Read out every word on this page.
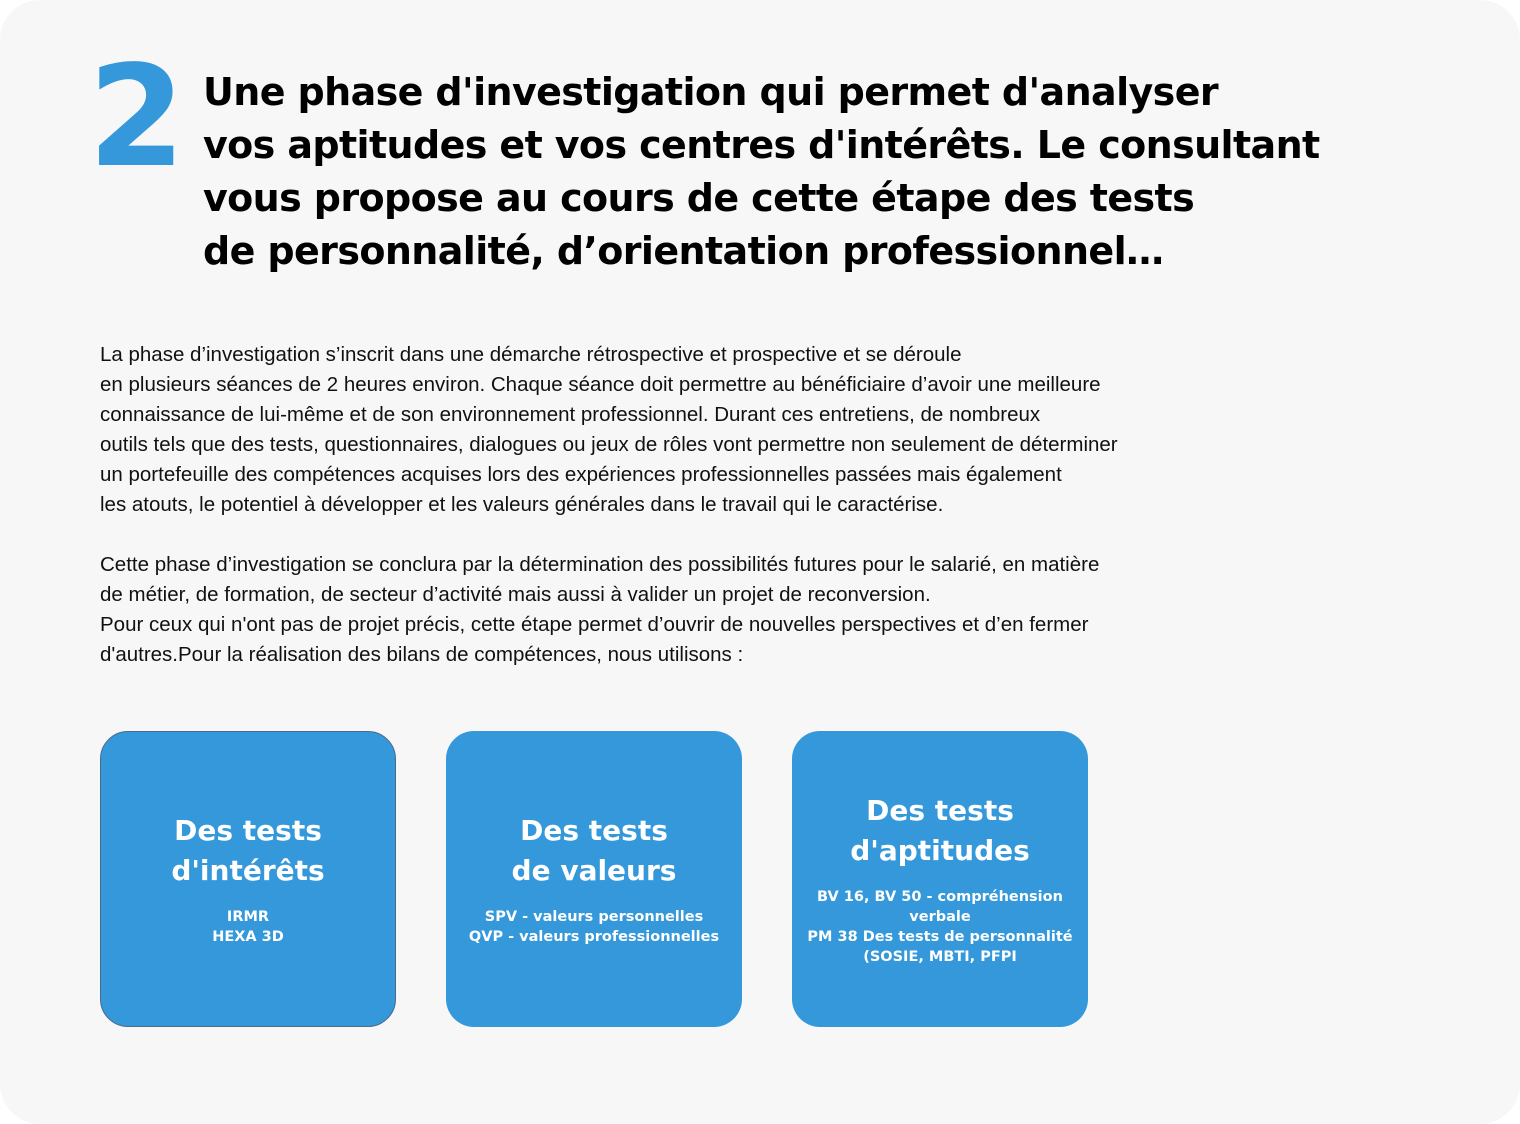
2 Une phase d'investigation qui permet d'analyser
vos aptitudes et vos centres d'intérêts. Le consultant
vous propose au cours de cette étape des tests
de personnalité, d’orientation professionnel…

La phase d’investigation s’inscrit dans une démarche rétrospective et prospective et se déroule
en plusieurs séances de 2 heures environ. Chaque séance doit permettre au bénéficiaire d’avoir une meilleure
connaissance de lui-même et de son environnement professionnel. Durant ces entretiens, de nombreux
outils tels que des tests, questionnaires, dialogues ou jeux de rôles vont permettre non seulement de déterminer
un portefeuille des compétences acquises lors des expériences professionnelles passées mais également
les atouts, le potentiel à développer et les valeurs générales dans le travail qui le caractérise.

Cette phase d’investigation se conclura par la détermination des possibilités futures pour le salarié, en matière
de métier, de formation, de secteur d’activité mais aussi à valider un projet de reconversion.
Pour ceux qui n'ont pas de projet précis, cette étape permet d’ouvrir de nouvelles perspectives et d’en fermer
d'autres.Pour la réalisation des bilans de compétences, nous utilisons :

Des tests
d'intérêts
IRMR
HEXA 3D
Des tests
de valeurs
SPV - valeurs personnelles
QVP - valeurs professionnelles
Des tests
d'aptitudes
BV 16, BV 50 - compréhension
verbale
PM 38 Des tests de personnalité
(SOSIE, MBTI, PFPI
